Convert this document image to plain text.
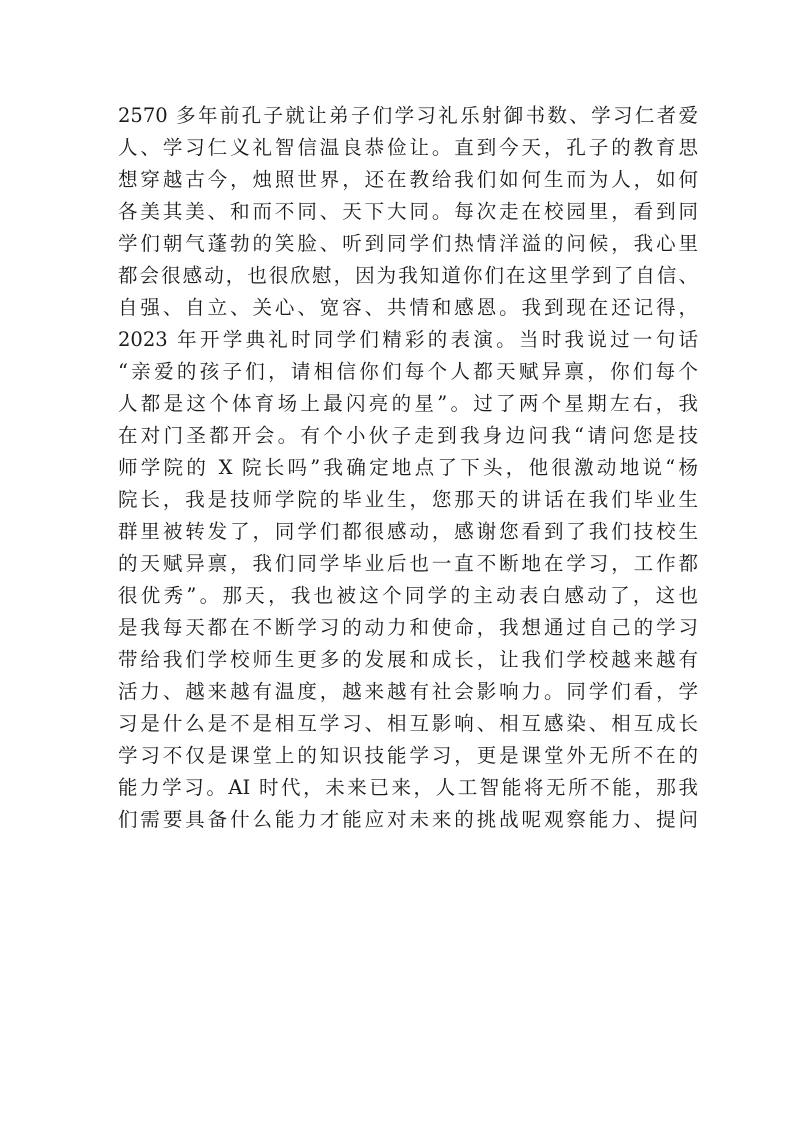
2570 多年前孔子就让弟子们学习礼乐射御书数、学习仁者爱
人、学习仁义礼智信温良恭俭让。直到今天，孔子的教育思
想穿越古今，烛照世界，还在教给我们如何生而为人，如何
各美其美、和而不同、天下大同。每次走在校园里，看到同
学们朝气蓬勃的笑脸、听到同学们热情洋溢的问候，我心里
都会很感动，也很欣慰，因为我知道你们在这里学到了自信、
自强、自立、关心、宽容、共情和感恩。我到现在还记得，
2023 年开学典礼时同学们精彩的表演。当时我说过一句话
“亲爱的孩子们，请相信你们每个人都天赋异禀，你们每个
人都是这个体育场上最闪亮的星”。过了两个星期左右，我
在对门圣都开会。有个小伙子走到我身边问我“请问您是技
师学院的 X 院长吗”我确定地点了下头，他很激动地说“杨
院长，我是技师学院的毕业生，您那天的讲话在我们毕业生
群里被转发了，同学们都很感动，感谢您看到了我们技校生
的天赋异禀，我们同学毕业后也一直不断地在学习，工作都
很优秀”。那天，我也被这个同学的主动表白感动了，这也
是我每天都在不断学习的动力和使命，我想通过自己的学习
带给我们学校师生更多的发展和成长，让我们学校越来越有
活力、越来越有温度，越来越有社会影响力。同学们看，学
习是什么是不是相互学习、相互影响、相互感染、相互成长
学习不仅是课堂上的知识技能学习，更是课堂外无所不在的
能力学习。AI 时代，未来已来，人工智能将无所不能，那我
们需要具备什么能力才能应对未来的挑战呢观察能力、提问
